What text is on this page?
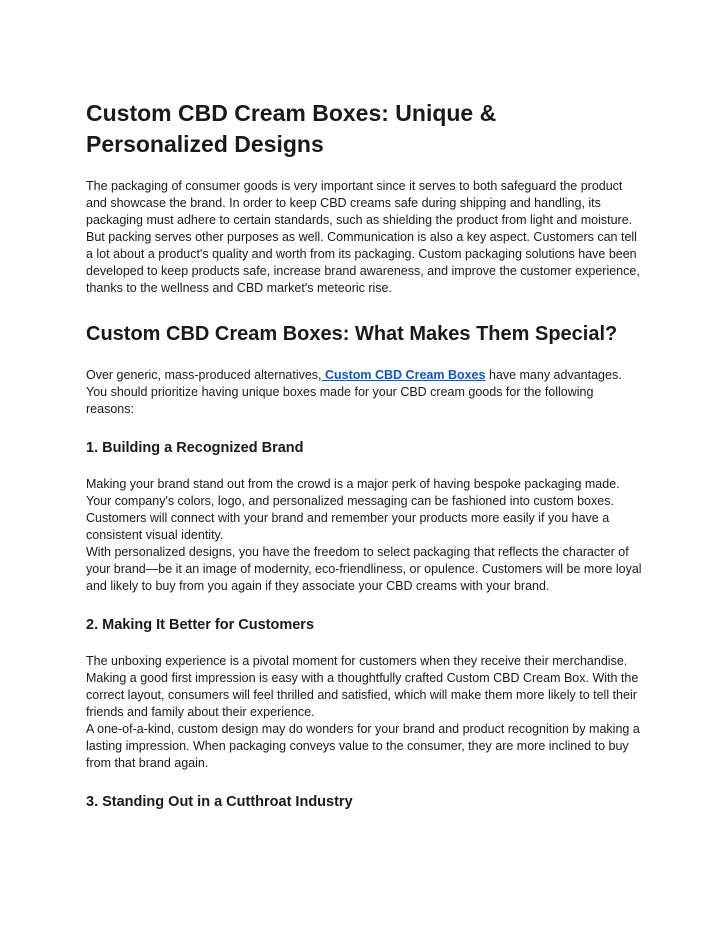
Custom CBD Cream Boxes: Unique & Personalized Designs

The packaging of consumer goods is very important since it serves to both safeguard the product and showcase the brand. In order to keep CBD creams safe during shipping and handling, its packaging must adhere to certain standards, such as shielding the product from light and moisture.

But packing serves other purposes as well. Communication is also a key aspect. Customers can tell a lot about a product's quality and worth from its packaging. Custom packaging solutions have been developed to keep products safe, increase brand awareness, and improve the customer experience, thanks to the wellness and CBD market's meteoric rise.

Custom CBD Cream Boxes: What Makes Them Special?

Over generic, mass-produced alternatives, Custom CBD Cream Boxes have many advantages. You should prioritize having unique boxes made for your CBD cream goods for the following reasons:

1. Building a Recognized Brand

Making your brand stand out from the crowd is a major perk of having bespoke packaging made. Your company's colors, logo, and personalized messaging can be fashioned into custom boxes. Customers will connect with your brand and remember your products more easily if you have a consistent visual identity.

With personalized designs, you have the freedom to select packaging that reflects the character of your brand—be it an image of modernity, eco-friendliness, or opulence. Customers will be more loyal and likely to buy from you again if they associate your CBD creams with your brand.

2. Making It Better for Customers

The unboxing experience is a pivotal moment for customers when they receive their merchandise. Making a good first impression is easy with a thoughtfully crafted Custom CBD Cream Box. With the correct layout, consumers will feel thrilled and satisfied, which will make them more likely to tell their friends and family about their experience.

A one-of-a-kind, custom design may do wonders for your brand and product recognition by making a lasting impression. When packaging conveys value to the consumer, they are more inclined to buy from that brand again.

3. Standing Out in a Cutthroat Industry
